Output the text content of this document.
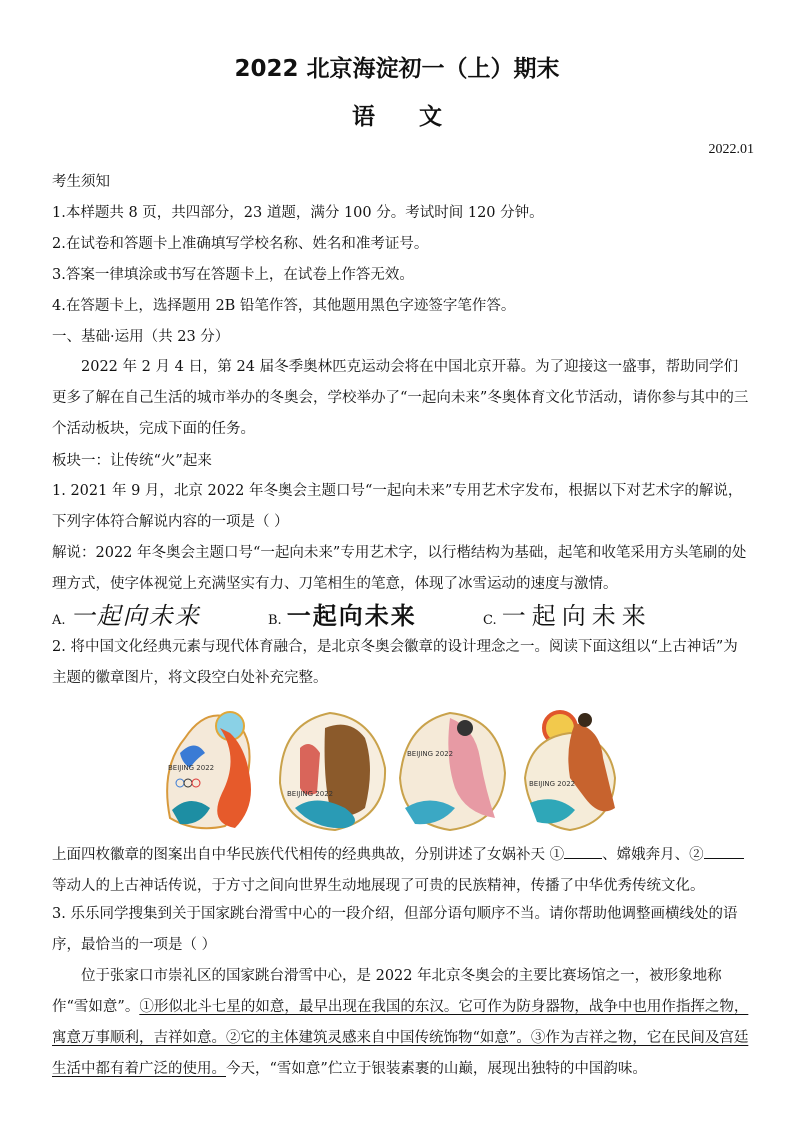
2022 北京海淀初一（上）期末
语文
2022.01
考生须知
1.本样题共 8 页，共四部分，23 道题，满分 100 分。考试时间 120 分钟。
2.在试卷和答题卡上准确填写学校名称、姓名和准考证号。
3.答案一律填涂或书写在答题卡上，在试卷上作答无效。
4.在答题卡上，选择题用 2B 铅笔作答，其他题用黑色字迹签字笔作答。
一、基础·运用（共 23 分）
2022 年 2 月 4 日，第 24 届冬季奥林匹克运动会将在中国北京开幕。为了迎接这一盛事，帮助同学们更多了解在自己生活的城市举办的冬奥会，学校举办了“一起向未来”冬奥体育文化节活动，请你参与其中的三个活动板块，完成下面的任务。
板块一：让传统“火”起来
1. 2021 年 9 月，北京 2022 年冬奥会主题口号“一起向未来”专用艺术字发布，根据以下对艺术字的解说，下列字体符合解说内容的一项是（ ）
解说：2022 年冬奥会主题口号“一起向未来”专用艺术字，以行楷结构为基础，起笔和收笔采用方头笔刷的处理方式，使字体视觉上充满坚实有力、刀笔相生的笔意，体现了冰雪运动的速度与激情。
A. 一起向未来	B. 一起向未来	C. 一起向未来
2. 将中国文化经典元素与现代体育融合，是北京冬奥会徽章的设计理念之一。阅读下面这组以“上古神话”为主题的徽章图片，将文段空白处补充完整。
BEIJING 2022
BEIJING 2022
BEIJING 2022
BEIJING 2022
上面四枚徽章的图案出自中华民族代代相传的经典典故，分别讲述了女娲补天 ①	、嫦娥奔月、②等动人的上古神话传说，于方寸之间向世界生动地展现了可贵的民族精神，传播了中华优秀传统文化。
3. 乐乐同学搜集到关于国家跳台滑雪中心的一段介绍，但部分语句顺序不当。请你帮助他调整画横线处的语序，最恰当的一项是（ ）
位于张家口市崇礼区的国家跳台滑雪中心，是 2022 年北京冬奥会的主要比赛场馆之一，被形象地称作“雪如意”。①形似北斗七星的如意，最早出现在我国的东汉。它可作为防身器物，战争中也用作指挥之物，寓意万事顺利，吉祥如意。②它的主体建筑灵感来自中国传统饰物“如意”。③作为吉祥之物，它在民间及宫廷生活中都有着广泛的使用。今天，“雪如意”伫立于银装素裹的山巅，展现出独特的中国韵味。
